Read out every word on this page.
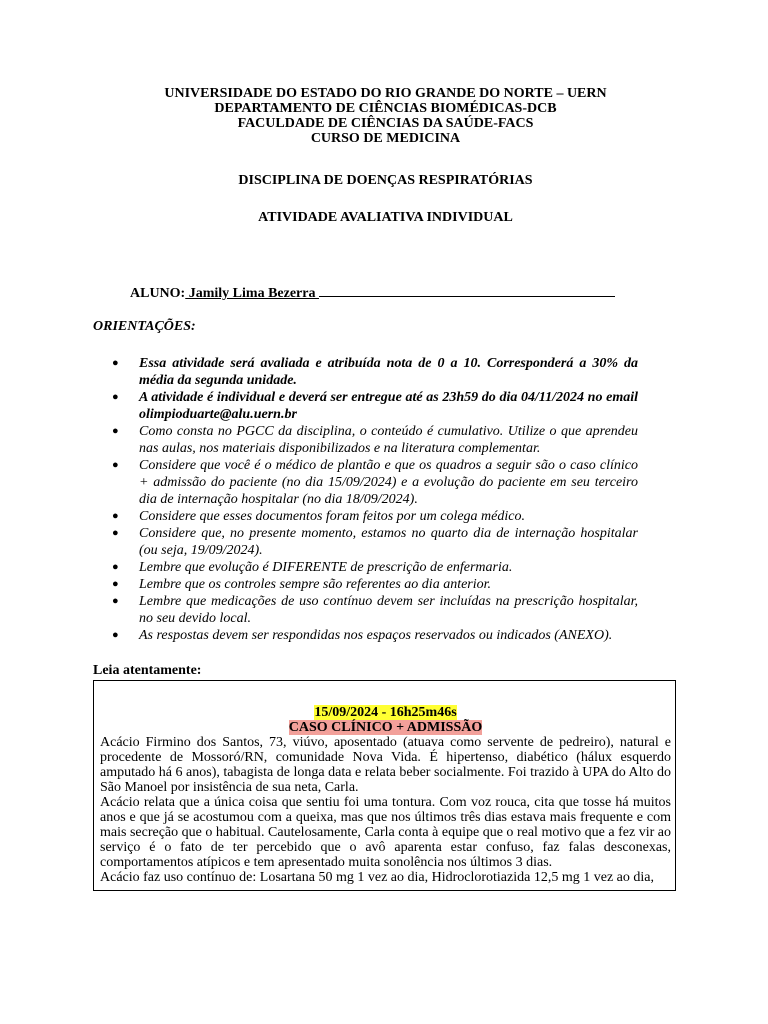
UNIVERSIDADE DO ESTADO DO RIO GRANDE DO NORTE – UERN
DEPARTAMENTO DE CIÊNCIAS BIOMÉDICAS-DCB
FACULDADE DE CIÊNCIAS DA SAÚDE-FACS
CURSO DE MEDICINA
DISCIPLINA DE DOENÇAS RESPIRATÓRIAS
ATIVIDADE AVALIATIVA INDIVIDUAL
ALUNO: Jamily Lima Bezerra
ORIENTAÇÕES:
● Essa atividade será avaliada e atribuída nota de 0 a 10. Corresponderá a 30% da média da segunda unidade.
● A atividade é individual e deverá ser entregue até as 23h59 do dia 04/11/2024 no email olimpioduarte@alu.uern.br
● Como consta no PGCC da disciplina, o conteúdo é cumulativo. Utilize o que aprendeu nas aulas, nos materiais disponibilizados e na literatura complementar.
● Considere que você é o médico de plantão e que os quadros a seguir são o caso clínico + admissão do paciente (no dia 15/09/2024) e a evolução do paciente em seu terceiro dia de internação hospitalar (no dia 18/09/2024).
● Considere que esses documentos foram feitos por um colega médico.
● Considere que, no presente momento, estamos no quarto dia de internação hospitalar (ou seja, 19/09/2024).
● Lembre que evolução é DIFERENTE de prescrição de enfermaria.
● Lembre que os controles sempre são referentes ao dia anterior.
● Lembre que medicações de uso contínuo devem ser incluídas na prescrição hospitalar, no seu devido local.
● As respostas devem ser respondidas nos espaços reservados ou indicados (ANEXO).
Leia atentamente:
15/09/2024 - 16h25m46s
CASO CLÍNICO + ADMISSÃO

Acácio Firmino dos Santos, 73, viúvo, aposentado (atuava como servente de pedreiro), natural e procedente de Mossoró/RN, comunidade Nova Vida. É hipertenso, diabético (hálux esquerdo amputado há 6 anos), tabagista de longa data e relata beber socialmente. Foi trazido à UPA do Alto do São Manoel por insistência de sua neta, Carla.

Acácio relata que a única coisa que sentiu foi uma tontura. Com voz rouca, cita que tosse há muitos anos e que já se acostumou com a queixa, mas que nos últimos três dias estava mais frequente e com mais secreção que o habitual. Cautelosamente, Carla conta à equipe que o real motivo que a fez vir ao serviço é o fato de ter percebido que o avô aparenta estar confuso, faz falas desconexas, comportamentos atípicos e tem apresentado muita sonolência nos últimos 3 dias.

Acácio faz uso contínuo de: Losartana 50 mg 1 vez ao dia, Hidroclorotiazida 12,5 mg 1 vez ao dia,
